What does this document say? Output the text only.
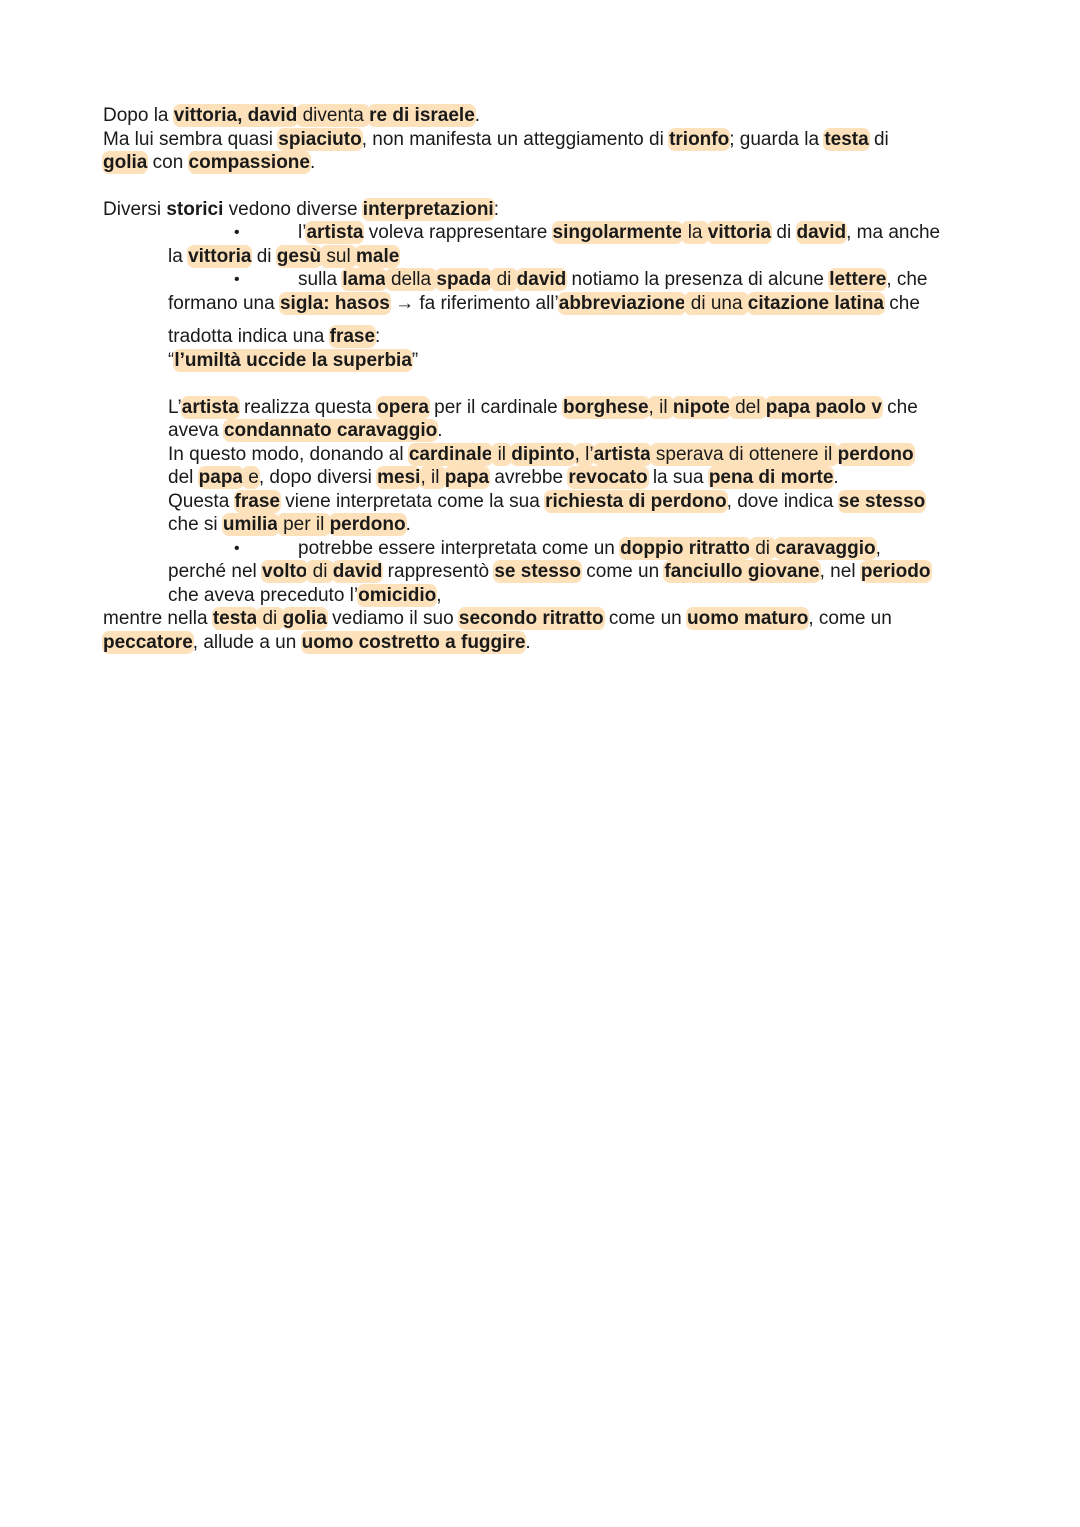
Dopo la vittoria, david diventa re di israele.
Ma lui sembra quasi spiaciuto, non manifesta un atteggiamento di trionfo; guarda la testa di
golia con compassione.
Diversi storici vedono diverse interpretazioni:
•	l’artista voleva rappresentare singolarmente la vittoria di david, ma anche
la vittoria di gesù sul male
•	sulla lama della spada di david notiamo la presenza di alcune lettere, che
formano una sigla: hasos → fa riferimento all’abbreviazione di una citazione latina che
tradotta indica una frase:
“l’umiltà uccide la superbia”
L’artista realizza questa opera per il cardinale borghese, il nipote del papa paolo v che
aveva condannato caravaggio.
In questo modo, donando al cardinale il dipinto, l’artista sperava di ottenere il perdono
del papa e, dopo diversi mesi, il papa avrebbe revocato la sua pena di morte.
Questa frase viene interpretata come la sua richiesta di perdono, dove indica se stesso
che si umilia per il perdono.
•	potrebbe essere interpretata come un doppio ritratto di caravaggio,
perché nel volto di david rappresentò se stesso come un fanciullo giovane, nel periodo
che aveva preceduto l’omicidio,
mentre nella testa di golia vediamo il suo secondo ritratto come un uomo maturo, come un
peccatore, allude a un uomo costretto a fuggire.
